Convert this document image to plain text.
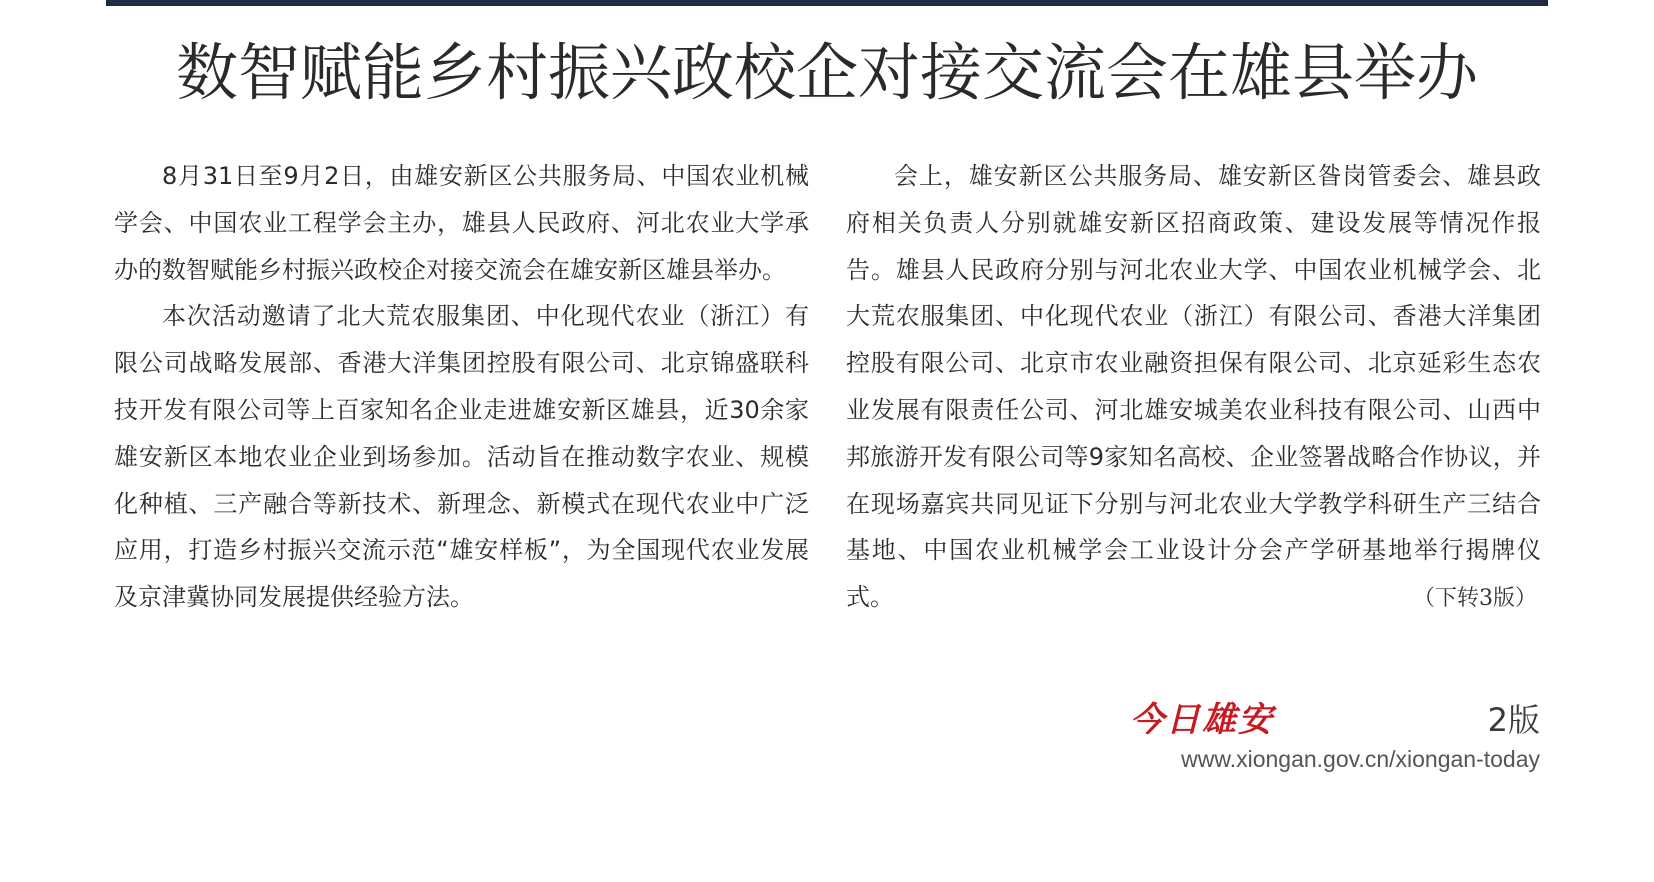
数智赋能乡村振兴政校企对接交流会在雄县举办

8月31日至9月2日，由雄安新区公共服务局、中国农业机械学会、中国农业工程学会主办，雄县人民政府、河北农业大学承办的数智赋能乡村振兴政校企对接交流会在雄安新区雄县举办。

本次活动邀请了北大荒农服集团、中化现代农业（浙江）有限公司战略发展部、香港大洋集团控股有限公司、北京锦盛联科技开发有限公司等上百家知名企业走进雄安新区雄县，近30余家雄安新区本地农业企业到场参加。活动旨在推动数字农业、规模化种植、三产融合等新技术、新理念、新模式在现代农业中广泛应用，打造乡村振兴交流示范“雄安样板”，为全国现代农业发展及京津冀协同发展提供经验方法。

会上，雄安新区公共服务局、雄安新区昝岗管委会、雄县政府相关负责人分别就雄安新区招商政策、建设发展等情况作报告。雄县人民政府分别与河北农业大学、中国农业机械学会、北大荒农服集团、中化现代农业（浙江）有限公司、香港大洋集团控股有限公司、北京市农业融资担保有限公司、北京延彩生态农业发展有限责任公司、河北雄安城美农业科技有限公司、山西中邦旅游开发有限公司等9家知名高校、企业签署战略合作协议，并在现场嘉宾共同见证下分别与河北农业大学教学科研生产三结合基地、中国农业机械学会工业设计分会产学研基地举行揭牌仪式。	（下转3版）
今日雄安	2版
www.xiongan.gov.cn/xiongan-today
